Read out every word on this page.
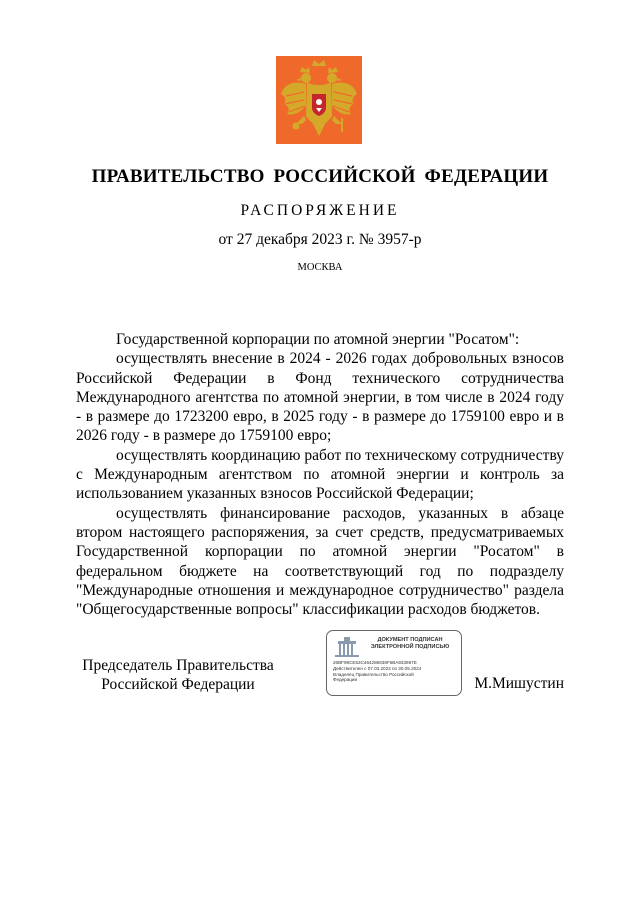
ПРАВИТЕЛЬСТВО РОССИЙСКОЙ ФЕДЕРАЦИИ
РАСПОРЯЖЕНИЕ
от 27 декабря 2023 г. № 3957-р
МОСКВА

Государственной корпорации по атомной энергии "Росатом":

осуществлять внесение в 2024 - 2026 годах добровольных взносов Российской Федерации в Фонд технического сотрудничества Международного агентства по атомной энергии, в том числе в 2024 году - в размере до 1723200 евро, в 2025 году - в размере до 1759100 евро и в 2026 году - в размере до 1759100 евро;

осуществлять координацию работ по техническому сотрудничеству с Международным агентством по атомной энергии и контроль за использованием указанных взносов Российской Федерации;

осуществлять финансирование расходов, указанных в абзаце втором настоящего распоряжения, за счет средств, предусматриваемых Государственной корпорации по атомной энергии "Росатом" в федеральном бюджете на соответствующий год по подразделу "Международные отношения и международное сотрудничество" раздела "Общегосударственные вопросы" классификации расходов бюджетов.

Председатель Правительства
Российской Федерации
ДОКУМЕНТ ПОДПИСАН
ЭЛЕКТРОННОЙ ПОДПИСЬЮ
26BF99CE53C464286636F5BA933967E
Действителен с 07.03.2023 по 30.05.2024
Владелец Правительство Российской
Федерации	М.Мишустин
